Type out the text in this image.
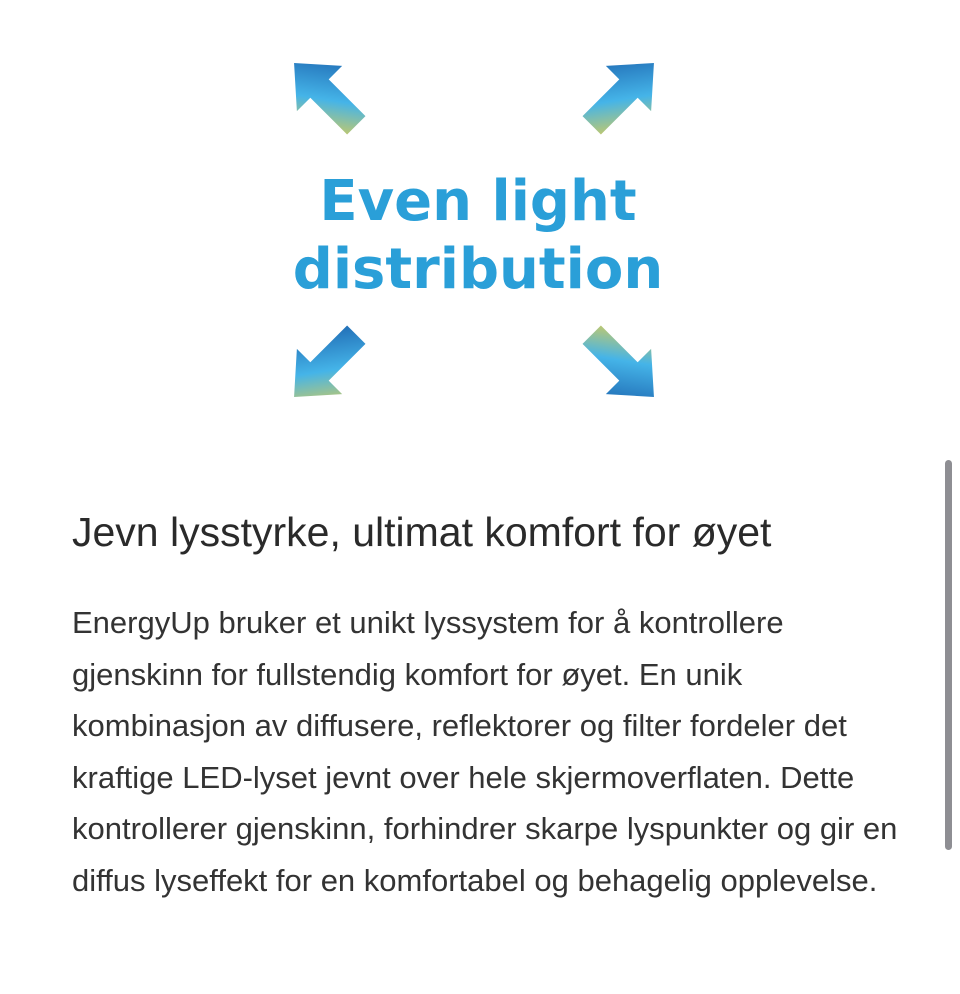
Even light
distribution
Jevn lysstyrke, ultimat komfort for øyet

EnergyUp bruker et unikt lyssystem for å kontrollere gjenskinn for fullstendig komfort for øyet. En unik kombinasjon av diffusere, reflektorer og filter fordeler det kraftige LED-lyset jevnt over hele skjermoverflaten. Dette kontrollerer gjenskinn, forhindrer skarpe lyspunkter og gir en diffus lyseffekt for en komfortabel og behagelig opplevelse.
